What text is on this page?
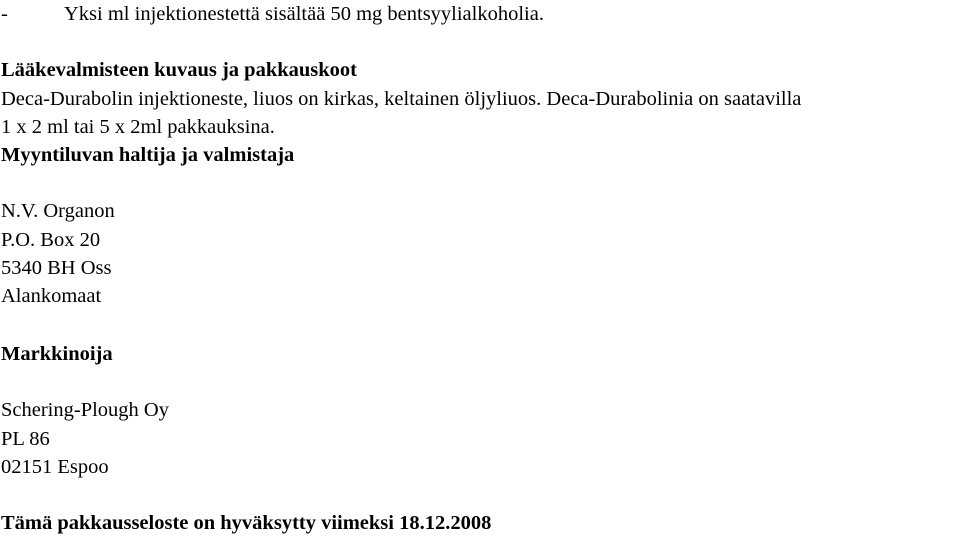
-	Yksi ml injektionestettä sisältää 50 mg bentsyylialkoholia.
Lääkevalmisteen kuvaus ja pakkauskoot
Deca-Durabolin injektioneste, liuos on kirkas, keltainen öljyliuos. Deca-Durabolinia on saatavilla
1 x 2 ml tai 5 x 2ml pakkauksina.
Myyntiluvan haltija ja valmistaja
N.V. Organon
P.O. Box 20
5340 BH Oss
Alankomaat
Markkinoija
Schering-Plough Oy
PL 86
02151 Espoo
Tämä pakkausseloste on hyväksytty viimeksi 18.12.2008
